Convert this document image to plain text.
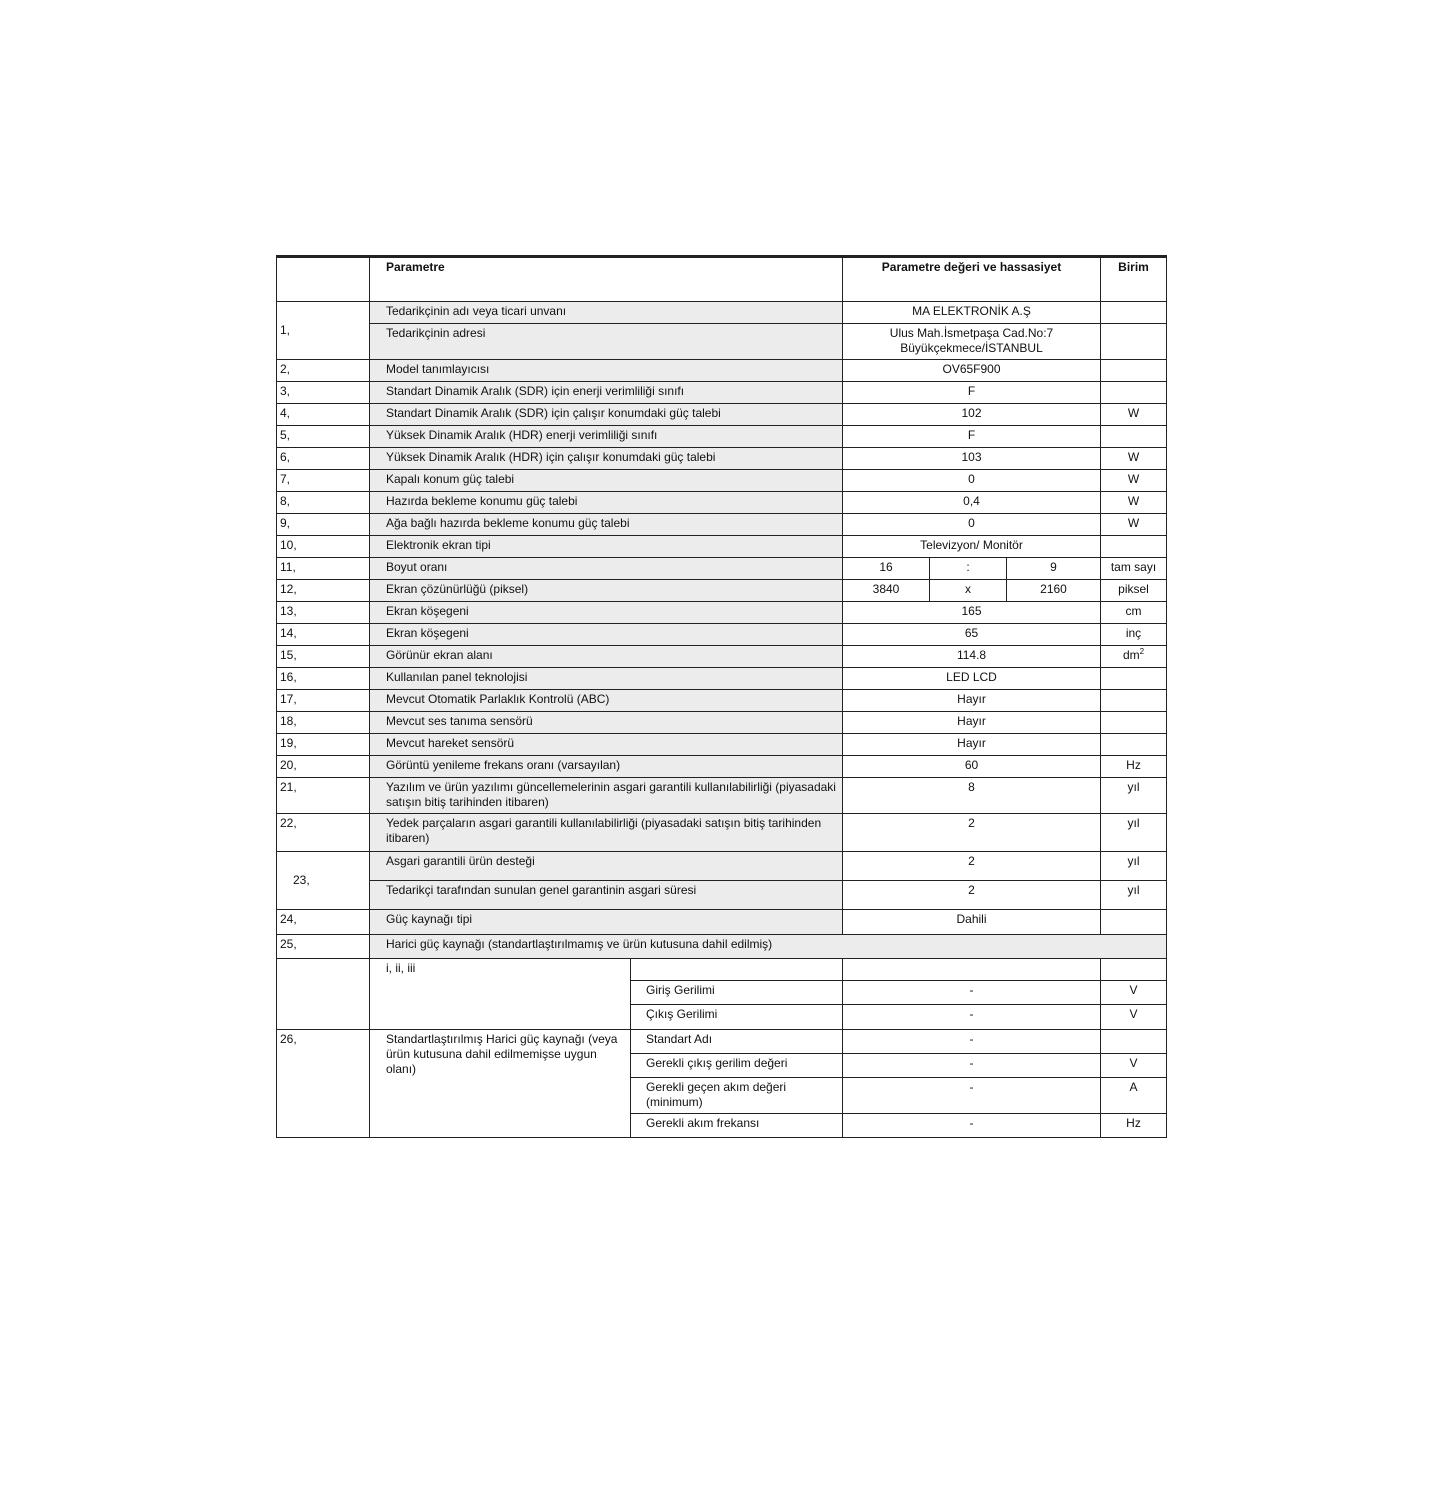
	Parametre		Parametre değeri ve hassasiyet			Birim
1,	Tedarikçinin adı veya ticari unvanı		MA ELEKTRONİK A.Ş			
	Tedarikçinin adresi		Ulus Mah.İsmetpaşa Cad.No:7
Büyükçekmece/İSTANBUL			
2,	Model tanımlayıcısı		OV65F900			
3,	Standart Dinamik Aralık (SDR) için enerji verimliliği sınıfı		F			
4,	Standart Dinamik Aralık (SDR) için çalışır konumdaki güç talebi		102			W
5,	Yüksek Dinamik Aralık (HDR) enerji verimliliği sınıfı		F			
6,	Yüksek Dinamik Aralık (HDR) için çalışır konumdaki güç talebi		103			W
7,	Kapalı konum güç talebi		0			W
8,	Hazırda bekleme konumu güç talebi		0,4			W
9,	Ağa bağlı hazırda bekleme konumu güç talebi		0			W
10,	Elektronik ekran tipi		Televizyon/ Monitör			
11,	Boyut oranı		16	:	9	tam sayı
12,	Ekran çözünürlüğü (piksel)		3840	x	2160	piksel
13,	Ekran köşegeni		165			cm
14,	Ekran köşegeni		65			inç
15,	Görünür ekran alanı		114.8			$dm^2$
16,	Kullanılan panel teknolojisi		LED LCD			
17,	Mevcut Otomatik Parlaklık Kontrolü (ABC)		Hayır			
18,	Mevcut ses tanıma sensörü		Hayır			
19,	Mevcut hareket sensörü		Hayır			
20,	Görüntü yenileme frekans oranı (varsayılan)		60			Hz
21,	Yazılım ve ürün yazılımı güncellemelerinin asgari garantili kullanılabilirliği (piyasadaki satışın bitiş tarihinden itibaren)		8			yıl
22,	Yedek parçaların asgari garantili kullanılabilirliği (piyasadaki satışın bitiş tarihinden itibaren)		2			yıl
23,	Asgari garantili ürün desteği		2			yıl
	Tedarikçi tarafından sunulan genel garantinin asgari süresi		2			yıl
24,	Güç kaynağı tipi		Dahili			
25,	Harici güç kaynağı (standartlaştırılmamış ve ürün kutusuna dahil edilmiş)					
	i, ii, iii					
		Giriş Gerilimi	-			V
		Çıkış Gerilimi	-			V
26,	Standartlaştırılmış Harici güç kaynağı (veya ürün kutusuna dahil edilmemişse uygun olanı)	Standart Adı	-			
		Gerekli çıkış gerilim değeri	-			V
		Gerekli geçen akım değeri (minimum)	-			A
		Gerekli akım frekansı	-			Hz
